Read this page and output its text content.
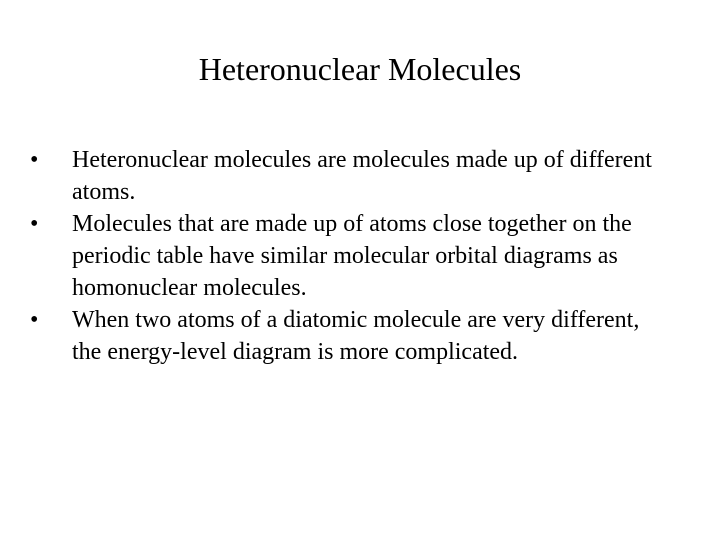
Heteronuclear Molecules
•	Heteronuclear molecules are molecules made up of different atoms.
•	Molecules that are made up of atoms close together on the periodic table have similar molecular orbital diagrams as homonuclear molecules.
•	When two atoms of a diatomic molecule are very different, the energy-level diagram is more complicated.
